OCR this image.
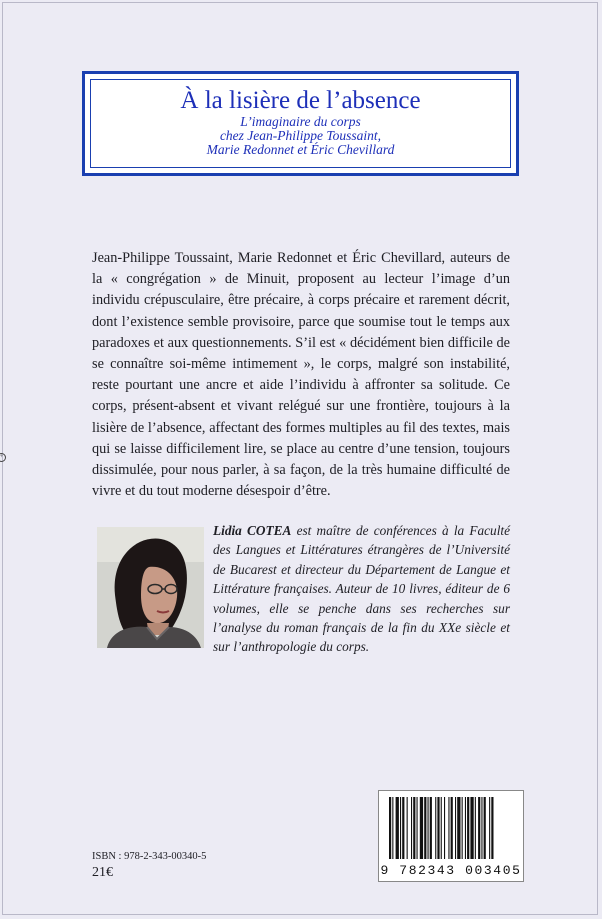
À la lisière de l’absence
L’imaginaire du corps
chez Jean-Philippe Toussaint,
Marie Redonnet et Éric Chevillard

Jean-Philippe Toussaint, Marie Redonnet et Éric Chevillard, auteurs de la « congrégation » de Minuit, proposent au lecteur l’image d’un individu crépusculaire, être précaire, à corps précaire et rarement décrit, dont l’existence semble provisoire, parce que soumise tout le temps aux paradoxes et aux questionnements. S’il est « décidément bien difficile de se connaître soi-même intimement », le corps, malgré son instabilité, reste pourtant une ancre et aide l’individu à affronter sa solitude. Ce corps, présent-absent et vivant relégué sur une frontière, toujours à la lisière de l’absence, affectant des formes multiples au fil des textes, mais qui se laisse difficilement lire, se place au centre d’une tension, toujours dissimulée, pour nous parler, à sa façon, de la très humaine difficulté de vivre et du tout moderne désespoir d’être.

+
Lidia COTEA est maître de conférences à la Faculté des Langues et Littératures étrangères de l’Université de Bucarest et directeur du Département de Langue et Littérature françaises. Auteur de 10 livres, éditeur de 6 volumes, elle se penche dans ses recherches sur l’analyse du roman français de la fin du XXe siècle et sur l’anthropologie du corps.
ISBN : 978-2-343-00340-5
21€	9 782343 003405
